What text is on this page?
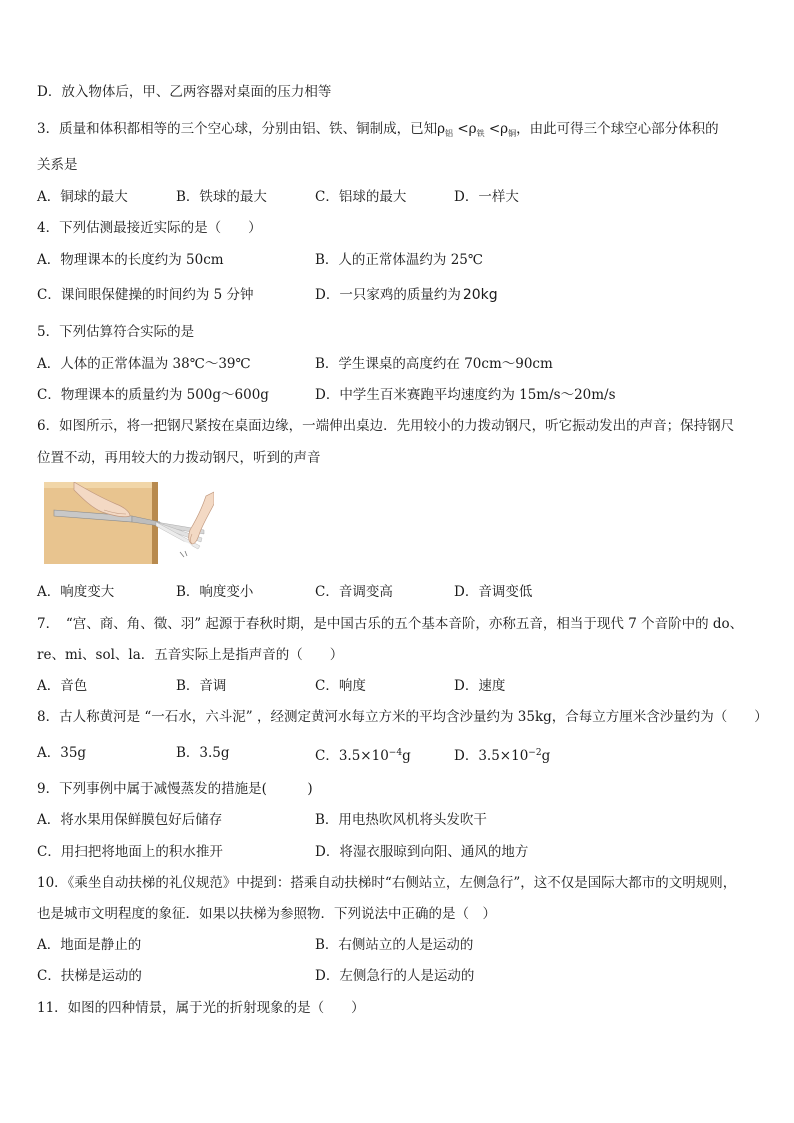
D．放入物体后，甲、乙两容器对桌面的压力相等
3．质量和体积都相等的三个空心球，分别由铝、铁、铜制成，已知$\rho_铝 <\rho_铁 <\rho_铜$，由此可得三个球空心部分体积的
关系是
A．铜球的最大	B．铁球的最大	C．铝球的最大	D．一样大
4．下列估测最接近实际的是（　　）
A．物理课本的长度约为 50cm	B．人的正常体温约为 25℃
C．课间眼保健操的时间约为 5 分钟	D．一只家鸡的质量约为 20kg
5．下列估算符合实际的是
A．人体的正常体温为 38℃～39℃	B．学生课桌的高度约在 70cm～90cm
C．物理课本的质量约为 500g～600g	D．中学生百米赛跑平均速度约为 15m/s～20m/s
6．如图所示，将一把钢尺紧按在桌面边缘，一端伸出桌边．先用较小的力拨动钢尺，听它振动发出的声音；保持钢尺
位置不动，再用较大的力拨动钢尺，听到的声音
A．响度变大	B．响度变小	C．音调变高	D．音调变低
7．　“宫、商、角、徵、羽” 起源于春秋时期，是中国古乐的五个基本音阶，亦称五音，相当于现代 7 个音阶中的 do、
re、mi、sol、la．五音实际上是指声音的（　　）
A．音色	B．音调	C．响度	D．速度
8．古人称黄河是 “一石水，六斗泥” ，经测定黄河水每立方米的平均含沙量约为 35kg，合每立方厘米含沙量约为（　　）
A．35g	B．3.5g	C．$3.5\times 10^{-4}g$	D．$3.5\times 10^{-2}g$
9．下列事例中属于减慢蒸发的措施是(　　　)
A．将水果用保鲜膜包好后储存	B．用电热吹风机将头发吹干
C．用扫把将地面上的积水推开	D．将湿衣服晾到向阳、通风的地方
10．《乘坐自动扶梯的礼仪规范》中提到：搭乘自动扶梯时“右侧站立，左侧急行”，这不仅是国际大都市的文明规则，
也是城市文明程度的象征．如果以扶梯为参照物．下列说法中正确的是（　）
A．地面是静止的	B．右侧站立的人是运动的
C．扶梯是运动的	D．左侧急行的人是运动的
11．如图的四种情景，属于光的折射现象的是（　　）
